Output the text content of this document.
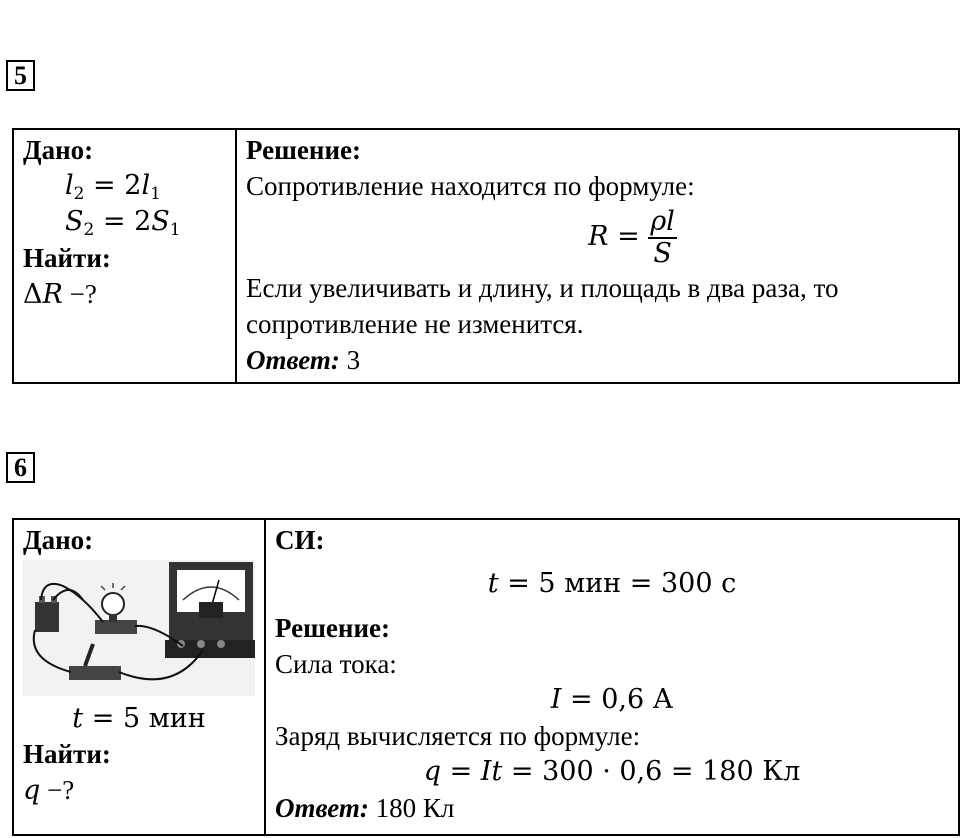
5
Дано:
$l_2 = 2l_1$
$S_2 = 2S_1$
Найти:
ΔR −?

Решение:
Сопротивление находится по формуле:
$R = \frac{\rho l}{S}$
Если увеличивать и длину, и площадь в два раза, то
сопротивление не изменится.
Ответ: 3
6
Дано:
t = 5 мин
Найти:
q −?

СИ:
t = 5 мин = 300 с
Решение:
Сила тока:
I = 0,6 А
Заряд вычисляется по формуле:
q = It = 300 · 0,6 = 180 Кл
Ответ: 180 Кл
